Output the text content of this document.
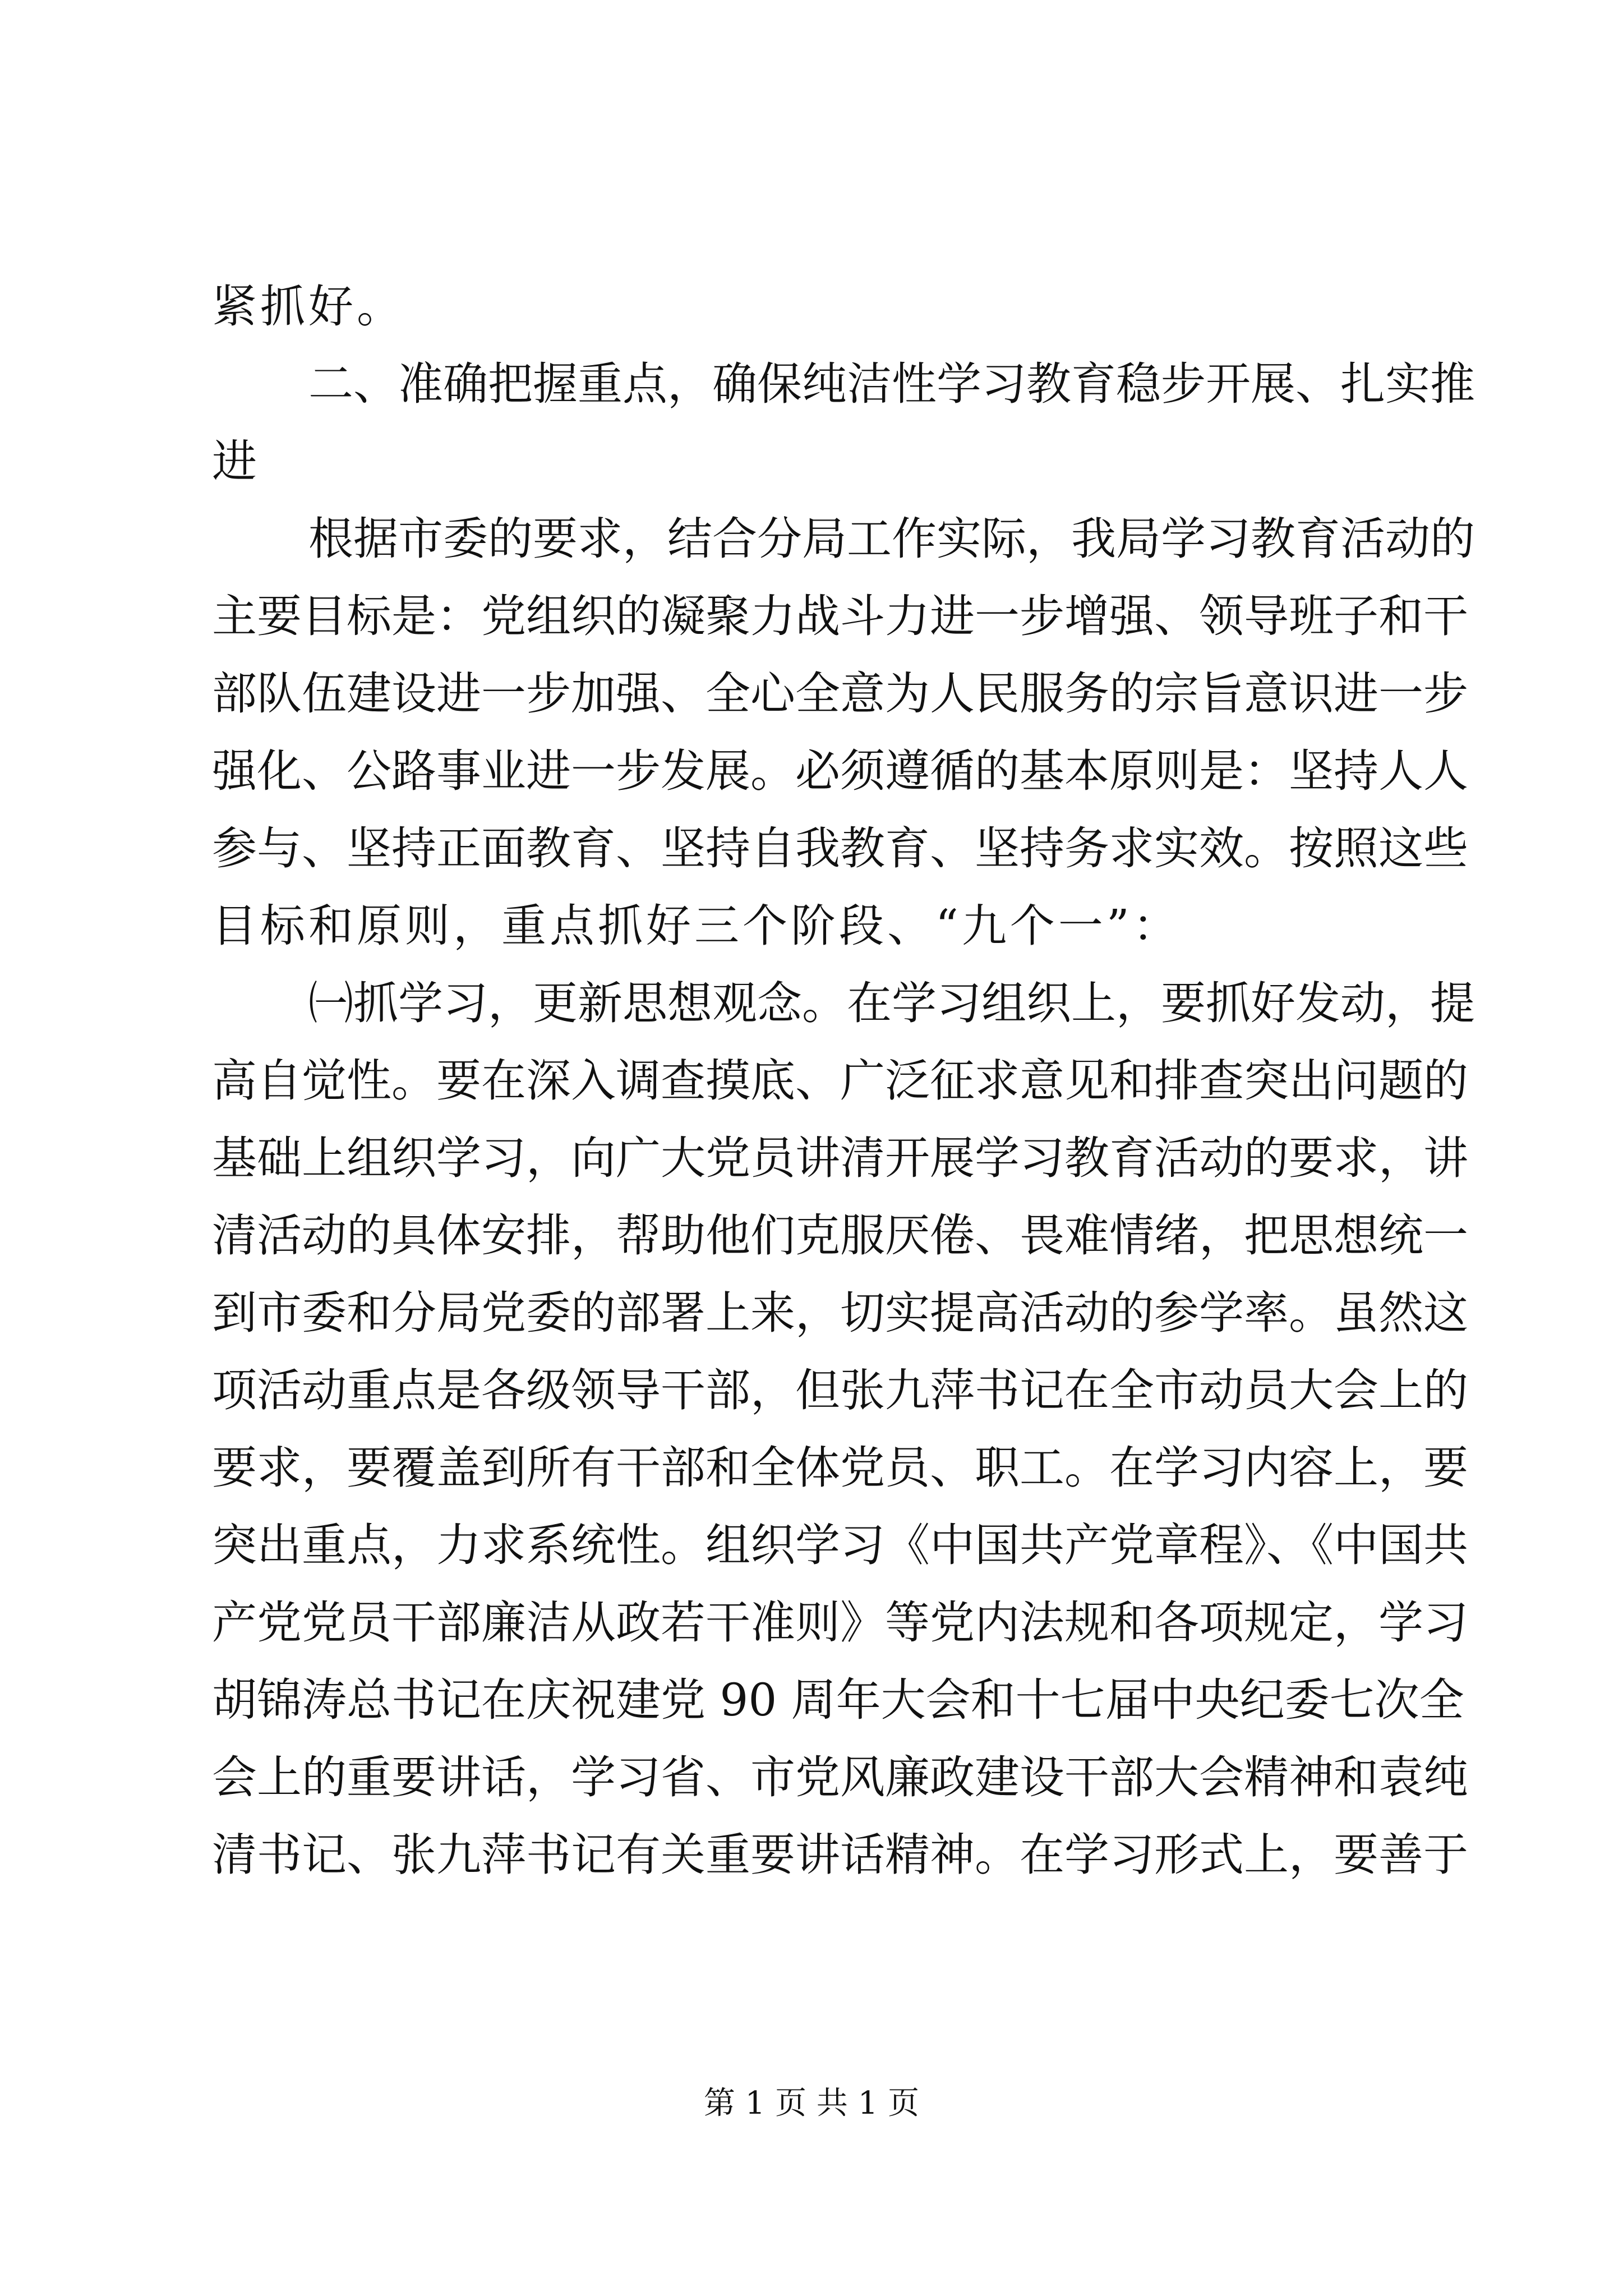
紧抓好。
二、准确把握重点，确保纯洁性学习教育稳步开展、扎实推
进
根据市委的要求，结合分局工作实际，我局学习教育活动的
主要目标是：党组织的凝聚力战斗力进一步增强、领导班子和干
部队伍建设进一步加强、全心全意为人民服务的宗旨意识进一步
强化、公路事业进一步发展。必须遵循的基本原则是：坚持人人
参与、坚持正面教育、坚持自我教育、坚持务求实效。按照这些
目标和原则，重点抓好三个阶段、“九个一”：
㈠抓学习，更新思想观念。在学习组织上，要抓好发动，提
高自觉性。要在深入调查摸底、广泛征求意见和排查突出问题的
基础上组织学习，向广大党员讲清开展学习教育活动的要求，讲
清活动的具体安排，帮助他们克服厌倦、畏难情绪，把思想统一
到市委和分局党委的部署上来，切实提高活动的参学率。虽然这
项活动重点是各级领导干部，但张九萍书记在全市动员大会上的
要求，要覆盖到所有干部和全体党员、职工。在学习内容上，要
突出重点，力求系统性。组织学习《中国共产党章程》、《中国共
产党党员干部廉洁从政若干准则》等党内法规和各项规定，学习
胡锦涛总书记在庆祝建党 90 周年大会和十七届中央纪委七次全
会上的重要讲话，学习省、市党风廉政建设干部大会精神和袁纯
清书记、张九萍书记有关重要讲话精神。在学习形式上，要善于
第 1 页 共 1 页
